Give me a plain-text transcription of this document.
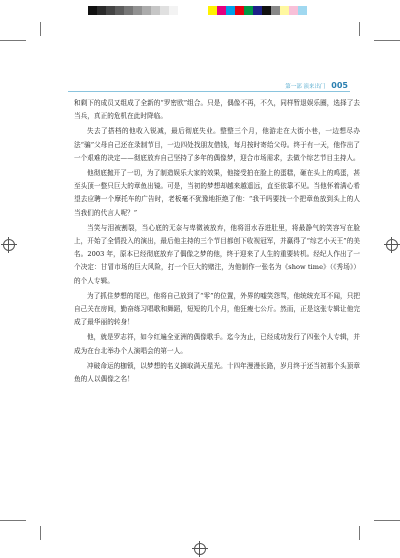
第一部 演来出门 005

和剩下的成员又组成了全新的“罗密欧”组合。只是，偶像不再，不久，同样暂退娱乐圈，选择了去当兵，真正的危机在此时降临。

失去了搭档的他收入锐减，最后彻底失业。整整三个月，他游走在大街小巷，一边想尽办法“骗”父母自己还在录制节目，一边四处找朋友借钱，每月按时寄给父母。终于有一天，他作出了一个艰难的决定——彻底放弃自己坚持了多年的偶像梦，迎合市场需求，去做个综艺节目主持人。

他彻底抛开了一切，为了制造娱乐大家的效果，他接受拍在脸上的蛋糕，砸在头上的鸡蛋，甚至头顶一整只巨大的章鱼出镜。可是，当初的梦想却越来越遥远，直至依靠不见。当他怀着满心希望去应聘一个摩托车的广告时，老板毫不犹豫地拒绝了他：“我干吗要找一个把章鱼放到头上的人当我们的代言人呢？”

当笑与泪被割裂，当心底的无奈与卑微被放弃，他将泪水吞进肚里，将最静气的笑容写在脸上，开始了全情投入的演出，最后他主持的三个节目都创下收视冠军，并赢得了“综艺小天王”的美名。2003 年，原本已经彻底放弃了偶像之梦的他，终于迎来了人生的重要转机。经纪人作出了一个决定：甘冒市场的巨大风险，打一个巨大的赌注，为他制作一张名为《show time》（《秀场》）的个人专辑。

为了抓住梦想的尾巴，他将自己放到了“零”的位置，外界的嘘笑怨骂，他统统充耳不闻，只把自己关在房间，勤奋练习唱歌和舞蹈，短短的几个月，他狂瘦七公斤。然而，正是这张专辑让他完成了最华丽的转身！

他，就是罗志祥，如今红遍全亚洲的偶像歌手。迄今为止，已经成功发行了四张个人专辑，并成为在台北举办个人演唱会的第一人。

冲破命运的枷锁，以梦想的名义摘取满天星光。十四年漫漫长路，岁月终于还当初那个头顶章鱼的人以偶像之名！
